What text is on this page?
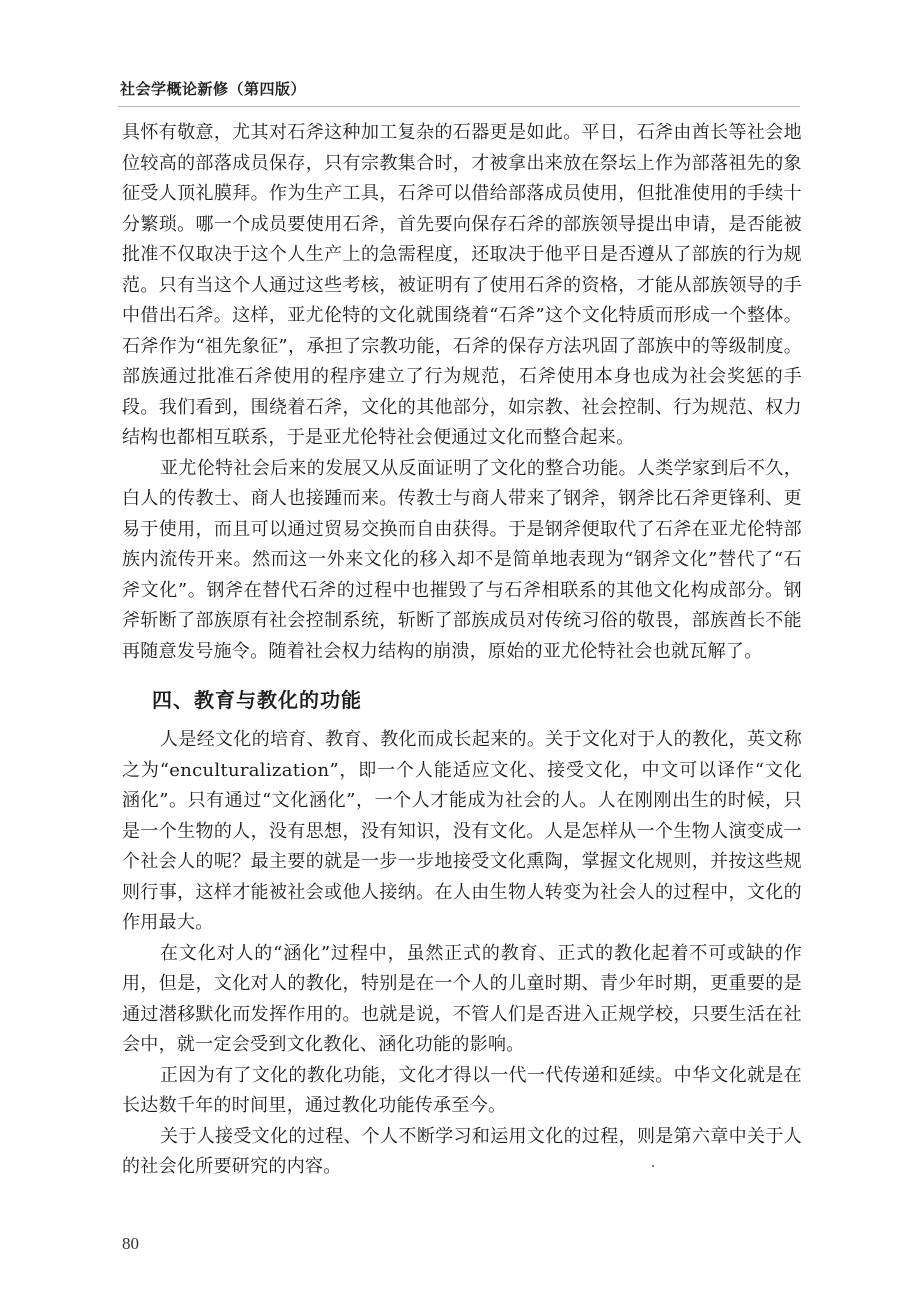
社会学概论新修（第四版）

具怀有敬意，尤其对石斧这种加工复杂的石器更是如此。平日，石斧由酋长等社会地位较高的部落成员保存，只有宗教集合时，才被拿出来放在祭坛上作为部落祖先的象征受人顶礼膜拜。作为生产工具，石斧可以借给部落成员使用，但批准使用的手续十分繁琐。哪一个成员要使用石斧，首先要向保存石斧的部族领导提出申请，是否能被批准不仅取决于这个人生产上的急需程度，还取决于他平日是否遵从了部族的行为规范。只有当这个人通过这些考核，被证明有了使用石斧的资格，才能从部族领导的手中借出石斧。这样，亚尤伦特的文化就围绕着“石斧”这个文化特质而形成一个整体。石斧作为“祖先象征”，承担了宗教功能，石斧的保存方法巩固了部族中的等级制度。部族通过批准石斧使用的程序建立了行为规范，石斧使用本身也成为社会奖惩的手段。我们看到，围绕着石斧，文化的其他部分，如宗教、社会控制、行为规范、权力结构也都相互联系，于是亚尤伦特社会便通过文化而整合起来。

亚尤伦特社会后来的发展又从反面证明了文化的整合功能。人类学家到后不久，白人的传教士、商人也接踵而来。传教士与商人带来了钢斧，钢斧比石斧更锋利、更易于使用，而且可以通过贸易交换而自由获得。于是钢斧便取代了石斧在亚尤伦特部族内流传开来。然而这一外来文化的移入却不是简单地表现为“钢斧文化”替代了“石斧文化”。钢斧在替代石斧的过程中也摧毁了与石斧相联系的其他文化构成部分。钢斧斩断了部族原有社会控制系统，斩断了部族成员对传统习俗的敬畏，部族酋长不能再随意发号施令。随着社会权力结构的崩溃，原始的亚尤伦特社会也就瓦解了。

四、教育与教化的功能

人是经文化的培育、教育、教化而成长起来的。关于文化对于人的教化，英文称之为“enculturalization”，即一个人能适应文化、接受文化，中文可以译作“文化涵化”。只有通过“文化涵化”，一个人才能成为社会的人。人在刚刚出生的时候，只是一个生物的人，没有思想，没有知识，没有文化。人是怎样从一个生物人演变成一个社会人的呢？最主要的就是一步一步地接受文化熏陶，掌握文化规则，并按这些规则行事，这样才能被社会或他人接纳。在人由生物人转变为社会人的过程中，文化的作用最大。

在文化对人的“涵化”过程中，虽然正式的教育、正式的教化起着不可或缺的作用，但是，文化对人的教化，特别是在一个人的儿童时期、青少年时期，更重要的是通过潜移默化而发挥作用的。也就是说，不管人们是否进入正规学校，只要生活在社会中，就一定会受到文化教化、涵化功能的影响。

正因为有了文化的教化功能，文化才得以一代一代传递和延续。中华文化就是在长达数千年的时间里，通过教化功能传承至今。

关于人接受文化的过程、个人不断学习和运用文化的过程，则是第六章中关于人的社会化所要研究的内容。

80
